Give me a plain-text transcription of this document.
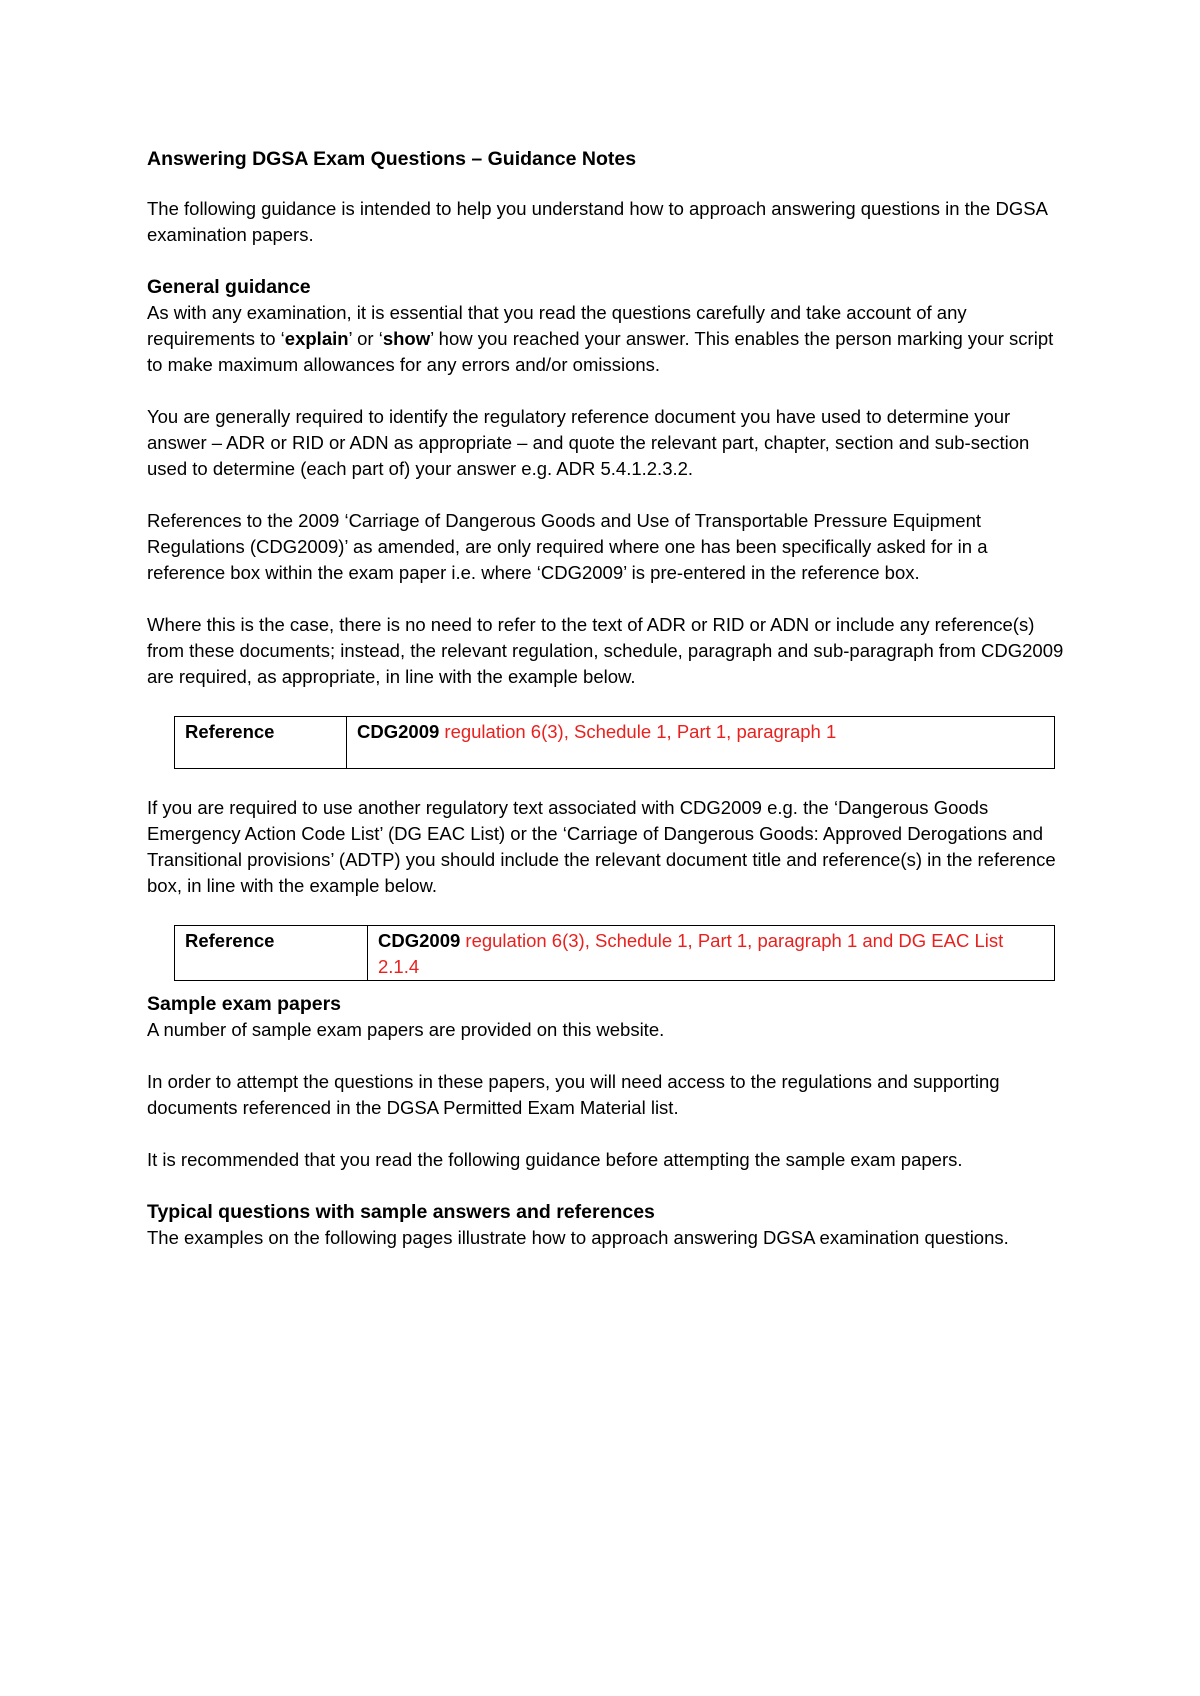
Answering DGSA Exam Questions – Guidance Notes

The following guidance is intended to help you understand how to approach answering questions in the DGSA examination papers.

General guidance

As with any examination, it is essential that you read the questions carefully and take account of any requirements to ‘explain’ or ‘show’ how you reached your answer. This enables the person marking your script to make maximum allowances for any errors and/or omissions.

You are generally required to identify the regulatory reference document you have used to determine your answer – ADR or RID or ADN as appropriate – and quote the relevant part, chapter, section and sub-section used to determine (each part of) your answer e.g. ADR 5.4.1.2.3.2.

References to the 2009 ‘Carriage of Dangerous Goods and Use of Transportable Pressure Equipment Regulations (CDG2009)’ as amended, are only required where one has been specifically asked for in a reference box within the exam paper i.e. where ‘CDG2009’ is pre-entered in the reference box.

Where this is the case, there is no need to refer to the text of ADR or RID or ADN or include any reference(s) from these documents; instead, the relevant regulation, schedule, paragraph and sub-paragraph from CDG2009 are required, as appropriate, in line with the example below.

Reference	CDG2009 regulation 6(3), Schedule 1, Part 1, paragraph 1

If you are required to use another regulatory text associated with CDG2009 e.g. the ‘Dangerous Goods Emergency Action Code List’ (DG EAC List) or the ‘Carriage of Dangerous Goods: Approved Derogations and Transitional provisions’ (ADTP) you should include the relevant document title and reference(s) in the reference box, in line with the example below.

Reference	CDG2009 regulation 6(3), Schedule 1, Part 1, paragraph 1 and DG EAC List 2.1.4
Sample exam papers

A number of sample exam papers are provided on this website.

In order to attempt the questions in these papers, you will need access to the regulations and supporting documents referenced in the DGSA Permitted Exam Material list.

It is recommended that you read the following guidance before attempting the sample exam papers.

Typical questions with sample answers and references

The examples on the following pages illustrate how to approach answering DGSA examination questions.
